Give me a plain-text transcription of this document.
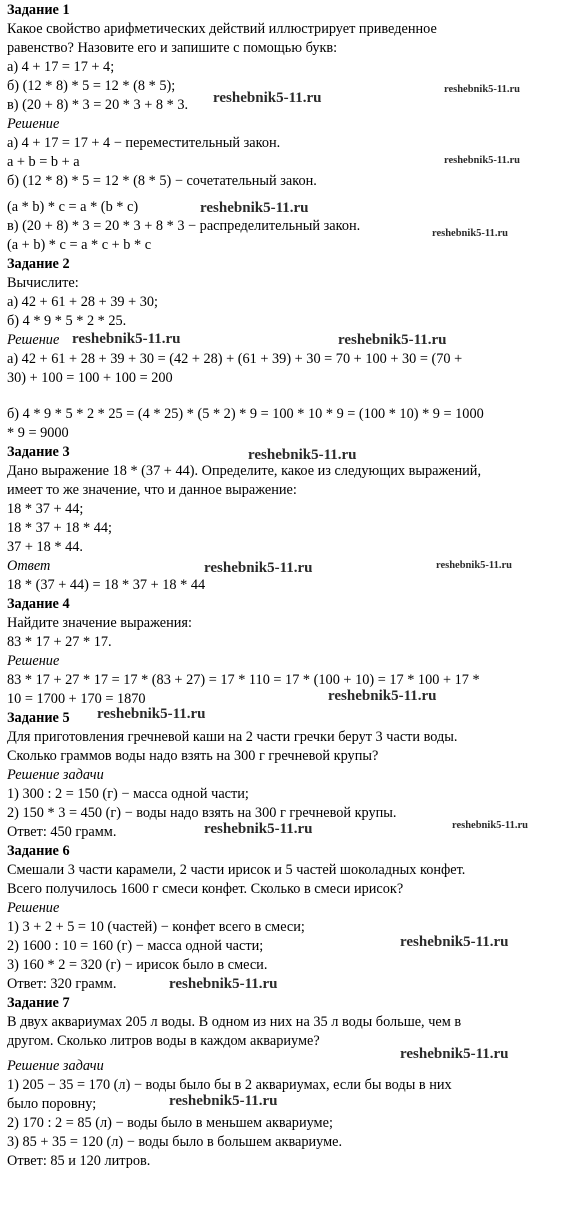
Задание 1
Какое свойство арифметических действий иллюстрирует приведенное
равенство? Назовите его и запишите с помощью букв:
а) 4 + 17 = 17 + 4;
б) (12 * 8) * 5 = 12 * (8 * 5);
в) (20 + 8) * 3 = 20 * 3 + 8 * 3.
Решение
а) 4 + 17 = 17 + 4 − переместительный закон.
a + b = b + a
б) (12 * 8) * 5 = 12 * (8 * 5) − сочетательный закон.
(a * b) * c = a * (b * c)
в) (20 + 8) * 3 = 20 * 3 + 8 * 3 − распределительный закон.
(a + b) * c = a * c + b * c
Задание 2
Вычислите:
а) 42 + 61 + 28 + 39 + 30;
б) 4 * 9 * 5 * 2 * 25.
Решение
а) 42 + 61 + 28 + 39 + 30 = (42 + 28) + (61 + 39) + 30 = 70 + 100 + 30 = (70 +
30) + 100 = 100 + 100 = 200
б) 4 * 9 * 5 * 2 * 25 = (4 * 25) * (5 * 2) * 9 = 100 * 10 * 9 = (100 * 10) * 9 = 1000
* 9 = 9000
Задание 3
Дано выражение 18 * (37 + 44). Определите, какое из следующих выражений,
имеет то же значение, что и данное выражение:
18 * 37 + 44;
18 * 37 + 18 * 44;
37 + 18 * 44.
Ответ
18 * (37 + 44) = 18 * 37 + 18 * 44
Задание 4
Найдите значение выражения:
83 * 17 + 27 * 17.
Решение
83 * 17 + 27 * 17 = 17 * (83 + 27) = 17 * 110 = 17 * (100 + 10) = 17 * 100 + 17 *
10 = 1700 + 170 = 1870
Задание 5
Для приготовления гречневой каши на 2 части гречки берут 3 части воды.
Сколько граммов воды надо взять на 300 г гречневой крупы?
Решение задачи
1) 300 : 2 = 150 (г) − масса одной части;
2) 150 * 3 = 450 (г) − воды надо взять на 300 г гречневой крупы.
Ответ: 450 грамм.
Задание 6
Смешали 3 части карамели, 2 части ирисок и 5 частей шоколадных конфет.
Всего получилось 1600 г смеси конфет. Сколько в смеси ирисок?
Решение
1) 3 + 2 + 5 = 10 (частей) − конфет всего в смеси;
2) 1600 : 10 = 160 (г) − масса одной части;
3) 160 * 2 = 320 (г) − ирисок было в смеси.
Ответ: 320 грамм.
Задание 7
В двух аквариумах 205 л воды. В одном из них на 35 л воды больше, чем в
другом. Сколько литров воды в каждом аквариуме?
Решение задачи
1) 205 − 35 = 170 (л) − воды было бы в 2 аквариумах, если бы воды в них
было поровну;
2) 170 : 2 = 85 (л) − воды было в меньшем аквариуме;
3) 85 + 35 = 120 (л) − воды было в большем аквариуме.
Ответ: 85 и 120 литров.
reshebnik5-11.ru
reshebnik5-11.ru
reshebnik5-11.ru
reshebnik5-11.ru
reshebnik5-11.ru
reshebnik5-11.ru	reshebnik5-11.ru
reshebnik5-11.ru
reshebnik5-11.ru	reshebnik5-11.ru
reshebnik5-11.ru
reshebnik5-11.ru
reshebnik5-11.ru	reshebnik5-11.ru
reshebnik5-11.ru
reshebnik5-11.ru
reshebnik5-11.ru
reshebnik5-11.ru
